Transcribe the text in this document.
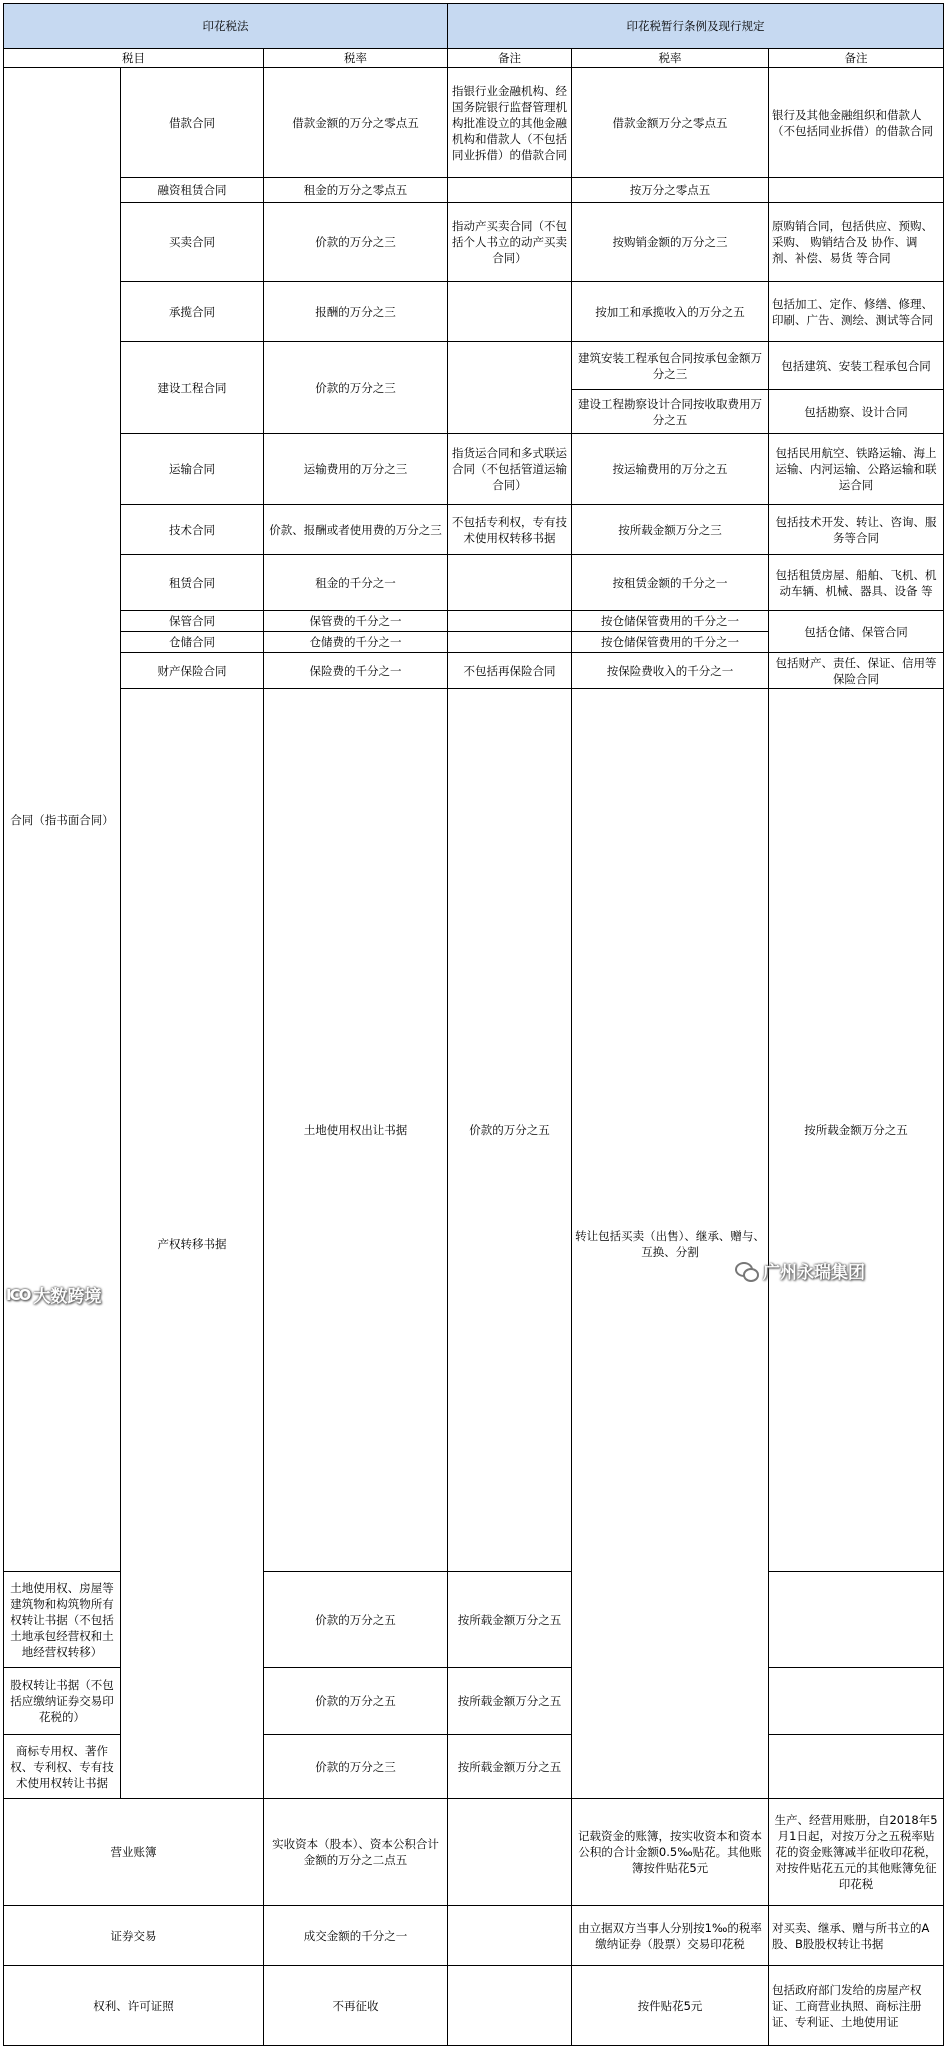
印花税法			印花税暂行条例及现行规定			
税目		税率	备注	税率	备注	
合同（指书面合同）	借款合同	借款金额的万分之零点五	指银行业金融机构、经国务院银行监督管理机构批准设立的其他金融机构和借款人（不包括同业拆借）的借款合同	借款金额万分之零点五	银行及其他金融组织和借款人（不包括同业拆借）的借款合同	
	融资租赁合同	租金的万分之零点五		按万分之零点五		
	买卖合同	价款的万分之三	指动产买卖合同（不包括个人书立的动产买卖合同）	按购销金额的万分之三	原购销合同，包括供应、预购、采购、 购销结合及 协作、调剂、补偿、易货 等合同	
	承揽合同	报酬的万分之三		按加工和承揽收入的万分之五	包括加工、定作、修缮、修理、印刷、广告、测绘、测试等合同	
	建设工程合同	价款的万分之三		建筑安装工程承包合同按承包金额万分之三	包括建筑、安装工程承包合同	
				建设工程勘察设计合同按收取费用万分之五	包括勘察、设计合同	
	运输合同	运输费用的万分之三	指货运合同和多式联运合同（不包括管道运输合同）	按运输费用的万分之五	包括民用航空、铁路运输、海上运输、内河运输、公路运输和联运合同	
	技术合同	价款、报酬或者使用费的万分之三	不包括专利权，专有技术使用权转移书据	按所载金额万分之三	包括技术开发、转让、咨询、服务等合同	
	租赁合同	租金的千分之一		按租赁金额的千分之一	包括租赁房屋、船舶、飞机、机动车辆、机械、器具、设备 等	
	保管合同	保管费的千分之一		按仓储保管费用的千分之一	包括仓储、保管合同	
	仓储合同	仓储费的千分之一		按仓储保管费用的千分之一		
	财产保险合同	保险费的千分之一	不包括再保险合同	按保险费收入的千分之一	包括财产、责任、保证、信用等保险合同	
	产权转移书据	土地使用权出让书据	价款的万分之五	转让包括买卖（出售）、继承、赠与、互换、分割	按所载金额万分之五	
土地使用权、房屋等建筑物和构筑物所有权转让书据（不包括土地承包经营权和土地经营权转移）		价款的万分之五	按所载金额万分之五			
股权转让书据（不包括应缴纳证券交易印花税的）		价款的万分之五	按所载金额万分之五			
商标专用权、著作权、专利权、专有技术使用权转让书据		价款的万分之三	按所载金额万分之五			
营业账簿		实收资本（股本）、资本公积合计金额的万分之二点五		记载资金的账簿，按实收资本和资本公积的合计金额0.5‰贴花。其他账簿按件贴花5元	生产、经营用账册，自2018年5月1日起，对按万分之五税率贴花的资金账簿减半征收印花税，对按件贴花五元的其他账簿免征印花税	
证券交易		成交金额的千分之一		由立据双方当事人分别按1‰的税率缴纳证券（股票）交易印花税	对买卖、继承、赠与所书立的A股、B股股权转让书据	
权利、许可证照		不再征收		按件贴花5元	包括政府部门发给的房屋产权证、工商营业执照、商标注册证、专利证、土地使用证	
ICO 大数跨境
广州永瑞集团
